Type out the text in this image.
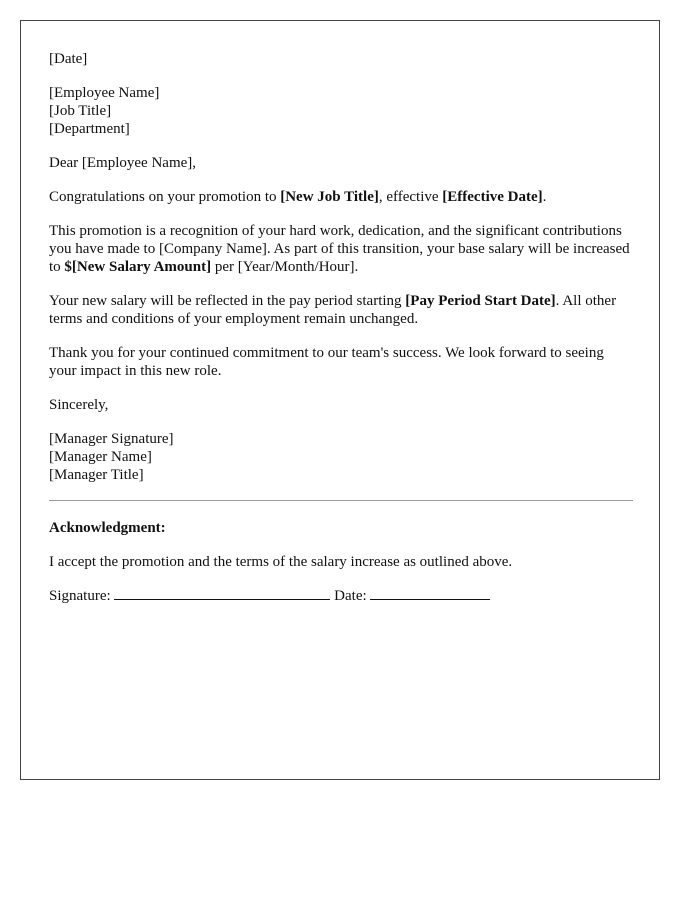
[Date]

[Employee Name]
[Job Title]
[Department]

Dear [Employee Name],

Congratulations on your promotion to [New Job Title], effective [Effective Date].

This promotion is a recognition of your hard work, dedication, and the significant contributions you have made to [Company Name]. As part of this transition, your base salary will be increased to $[New Salary Amount] per [Year/Month/Hour].

Your new salary will be reflected in the pay period starting [Pay Period Start Date]. All other terms and conditions of your employment remain unchanged.

Thank you for your continued commitment to our team's success. We look forward to seeing your impact in this new role.

Sincerely,

[Manager Signature]
[Manager Name]
[Manager Title]

Acknowledgment:

I accept the promotion and the terms of the salary increase as outlined above.

Signature:	Date:
